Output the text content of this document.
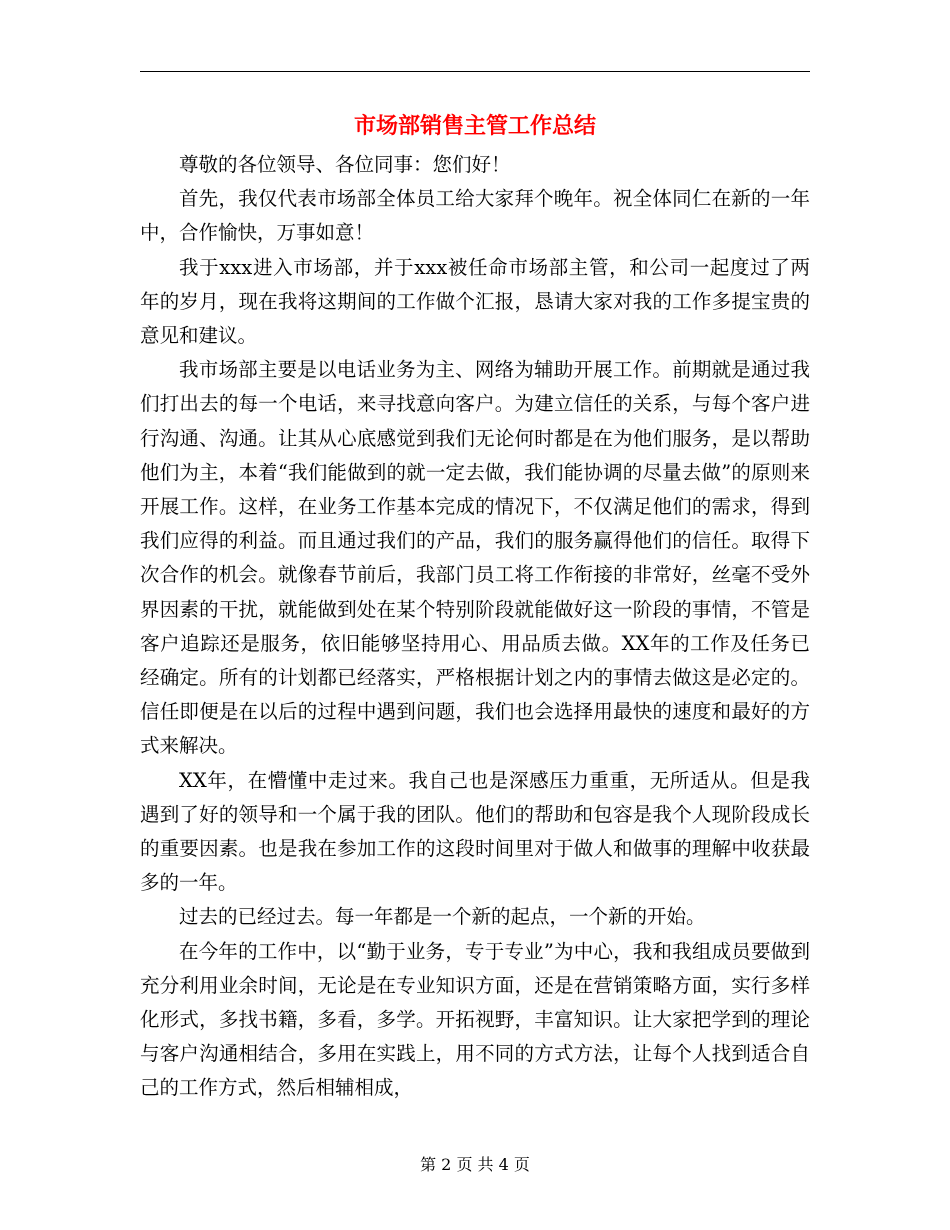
市场部销售主管工作总结

尊敬的各位领导、各位同事：您们好！

首先，我仅代表市场部全体员工给大家拜个晚年。祝全体同仁在新的一年中，合作愉快，万事如意！

我于xxx进入市场部，并于xxx被任命市场部主管，和公司一起度过了两年的岁月，现在我将这期间的工作做个汇报，恳请大家对我的工作多提宝贵的意见和建议。

我市场部主要是以电话业务为主、网络为辅助开展工作。前期就是通过我们打出去的每一个电话，来寻找意向客户。为建立信任的关系，与每个客户进行沟通、沟通。让其从心底感觉到我们无论何时都是在为他们服务，是以帮助他们为主，本着“我们能做到的就一定去做，我们能协调的尽量去做”的原则来开展工作。这样，在业务工作基本完成的情况下，不仅满足他们的需求，得到我们应得的利益。而且通过我们的产品，我们的服务赢得他们的信任。取得下次合作的机会。就像春节前后，我部门员工将工作衔接的非常好，丝毫不受外界因素的干扰，就能做到处在某个特别阶段就能做好这一阶段的事情，不管是客户追踪还是服务，依旧能够坚持用心、用品质去做。XX年的工作及任务已经确定。所有的计划都已经落实，严格根据计划之内的事情去做这是必定的。信任即便是在以后的过程中遇到问题，我们也会选择用最快的速度和最好的方式来解决。

XX年，在懵懂中走过来。我自己也是深感压力重重，无所适从。但是我遇到了好的领导和一个属于我的团队。他们的帮助和包容是我个人现阶段成长的重要因素。也是我在参加工作的这段时间里对于做人和做事的理解中收获最多的一年。

过去的已经过去。每一年都是一个新的起点，一个新的开始。

在今年的工作中，以“勤于业务，专于专业”为中心，我和我组成员要做到充分利用业余时间，无论是在专业知识方面，还是在营销策略方面，实行多样化形式，多找书籍，多看，多学。开拓视野，丰富知识。让大家把学到的理论与客户沟通相结合，多用在实践上，用不同的方式方法，让每个人找到适合自己的工作方式，然后相辅相成，

第 2 页 共 4 页
